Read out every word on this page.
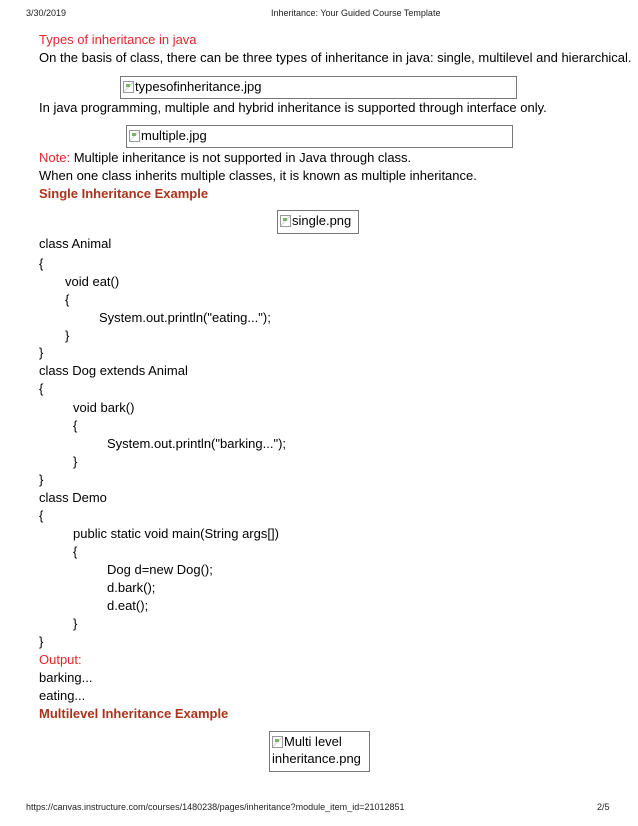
3/30/2019	Inheritance: Your Guided Course Template
Types of inheritance in java
On the basis of class, there can be three types of inheritance in java: single, multilevel and hierarchical.
typesofinheritance.jpg
In java programming, multiple and hybrid inheritance is supported through interface only.
multiple.jpg
Note: Multiple inheritance is not supported in Java through class.
When one class inherits multiple classes, it is known as multiple inheritance.
Single Inheritance Example
single.png
class Animal
{
void eat()
{
System.out.println("eating...");
}
}
class Dog extends Animal
{
void bark()
{
System.out.println("barking...");
}
}
class Demo
{
public static void main(String args[])
{
Dog d=new Dog();
d.bark();
d.eat();
}
}
Output:
barking...
eating...
Multilevel Inheritance Example
Multi level
inheritance.png
https://canvas.instructure.com/courses/1480238/pages/inheritance?module_item_id=21012851	2/5
